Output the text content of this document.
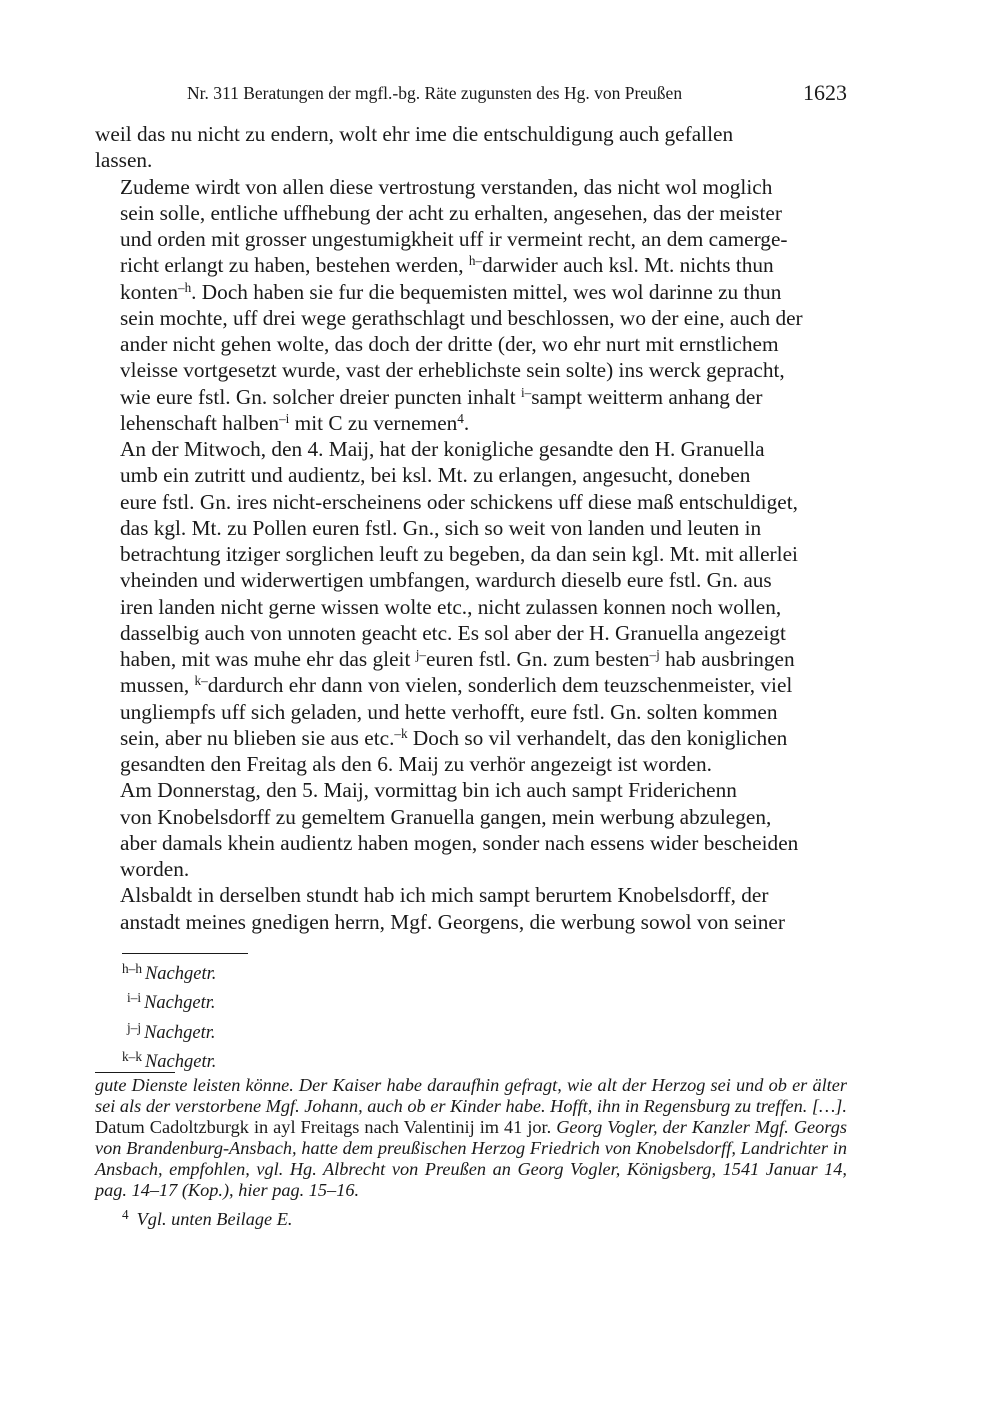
Nr. 311 Beratungen der mgfl.-bg. Räte zugunsten des Hg. von Preußen	1623

weil das nu nicht zu endern, wolt ehr ime die entschuldigung auch gefallen
lassen.

Zudeme wirdt von allen diese vertrostung verstanden, das nicht wol moglich
sein solle, entliche uffhebung der acht zu erhalten, angesehen, das der meister
und orden mit grosser ungestumigkheit uff ir vermeint recht, an dem camerge-
richt erlangt zu haben, bestehen werden, $^{h-}$darwider auch ksl. Mt. nichts thun
konten$^{-h}$. Doch haben sie fur die bequemisten mittel, wes wol darinne zu thun
sein mochte, uff drei wege gerathschlagt und beschlossen, wo der eine, auch der
ander nicht gehen wolte, das doch der dritte (der, wo ehr nurt mit ernstlichem
vleisse vortgesetzt wurde, vast der erheblichste sein solte) ins werck gepracht,
wie eure fstl. Gn. solcher dreier puncten inhalt $^{i-}$sampt weitterm anhang der
lehenschaft halben$^{-i}$ mit C zu vernemen$^4$.

An der Mitwoch, den 4. Maij, hat der konigliche gesandte den H. Granuella
umb ein zutritt und audientz, bei ksl. Mt. zu erlangen, angesucht, doneben
eure fstl. Gn. ires nicht-erscheinens oder schickens uff diese maß entschuldiget,
das kgl. Mt. zu Pollen euren fstl. Gn., sich so weit von landen und leuten in
betrachtung itziger sorglichen leuft zu begeben, da dan sein kgl. Mt. mit allerlei
vheinden und widerwertigen umbfangen, wardurch dieselb eure fstl. Gn. aus
iren landen nicht gerne wissen wolte etc., nicht zulassen konnen noch wollen,
dasselbig auch von unnoten geacht etc. Es sol aber der H. Granuella angezeigt
haben, mit was muhe ehr das gleit $^{j-}$euren fstl. Gn. zum besten$^{-j}$ hab ausbringen
mussen, $^{k-}$dardurch ehr dann von vielen, sonderlich dem teuzschenmeister, viel
ungliempfs uff sich geladen, und hette verhofft, eure fstl. Gn. solten kommen
sein, aber nu blieben sie aus etc.$^{-k}$ Doch so vil verhandelt, das den koniglichen
gesandten den Freitag als den 6. Maij zu verhör angezeigt ist worden.

Am Donnerstag, den 5. Maij, vormittag bin ich auch sampt Friderichenn
von Knobelsdorff zu gemeltem Granuella gangen, mein werbung abzulegen,
aber damals khein audientz haben mogen, sonder nach essens wider bescheiden
worden.

Alsbaldt in derselben stundt hab ich mich sampt berurtem Knobelsdorff, der
anstadt meines gnedigen herrn, Mgf. Georgens, die werbung sowol von seiner

$^{h-h}$ Nachgetr.
$^{i-i}$ Nachgetr.
$^{j-j}$ Nachgetr.
$^{k-k}$ Nachgetr.

gute Dienste leisten könne. Der Kaiser habe daraufhin gefragt, wie alt der Herzog sei und ob er älter sei als der verstorbene Mgf. Johann, auch ob er Kinder habe. Hofft, ihn in Regensburg zu treffen. […]. Datum Cadoltzburgk in ayl Freitags nach Valentinij im 41 jor. Georg Vogler, der Kanzler Mgf. Georgs von Brandenburg-Ansbach, hatte dem preußischen Herzog Friedrich von Knobelsdorff, Landrichter in Ansbach, empfohlen, vgl. Hg. Albrecht von Preußen an Georg Vogler, Königsberg, 1541 Januar 14, pag. 14–17 (Kop.), hier pag. 15–16.

$^4$ Vgl. unten Beilage E.
